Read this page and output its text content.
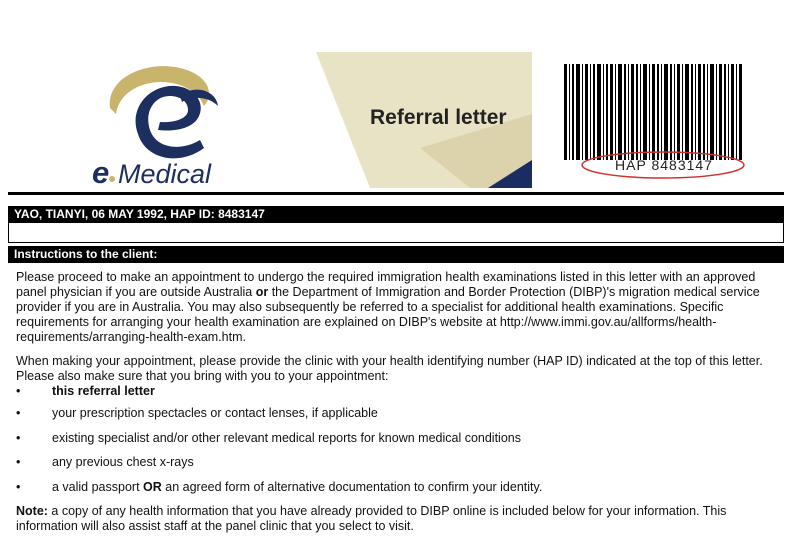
e Medical
Referral letter
HAP 8483147
YAO, TIANYI, 06 MAY 1992, HAP ID: 8483147
Instructions to the client:

Please proceed to make an appointment to undergo the required immigration health examinations listed in this letter with an approved panel physician if you are outside Australia or the Department of Immigration and Border Protection (DIBP)'s migration medical service provider if you are in Australia. You may also subsequently be referred to a specialist for additional health examinations. Specific requirements for arranging your health examination are explained on DIBP's website at http://www.immi.gov.au/allforms/health-requirements/arranging-health-exam.htm.

When making your appointment, please provide the clinic with your health identifying number (HAP ID) indicated at the top of this letter. Please also make sure that you bring with you to your appointment:

• this referral letter
• your prescription spectacles or contact lenses, if applicable
• existing specialist and/or other relevant medical reports for known medical conditions
• any previous chest x-rays
• a valid passport OR an agreed form of alternative documentation to confirm your identity.

Note: a copy of any health information that you have already provided to DIBP online is included below for your information. This information will also assist staff at the panel clinic that you select to visit.
